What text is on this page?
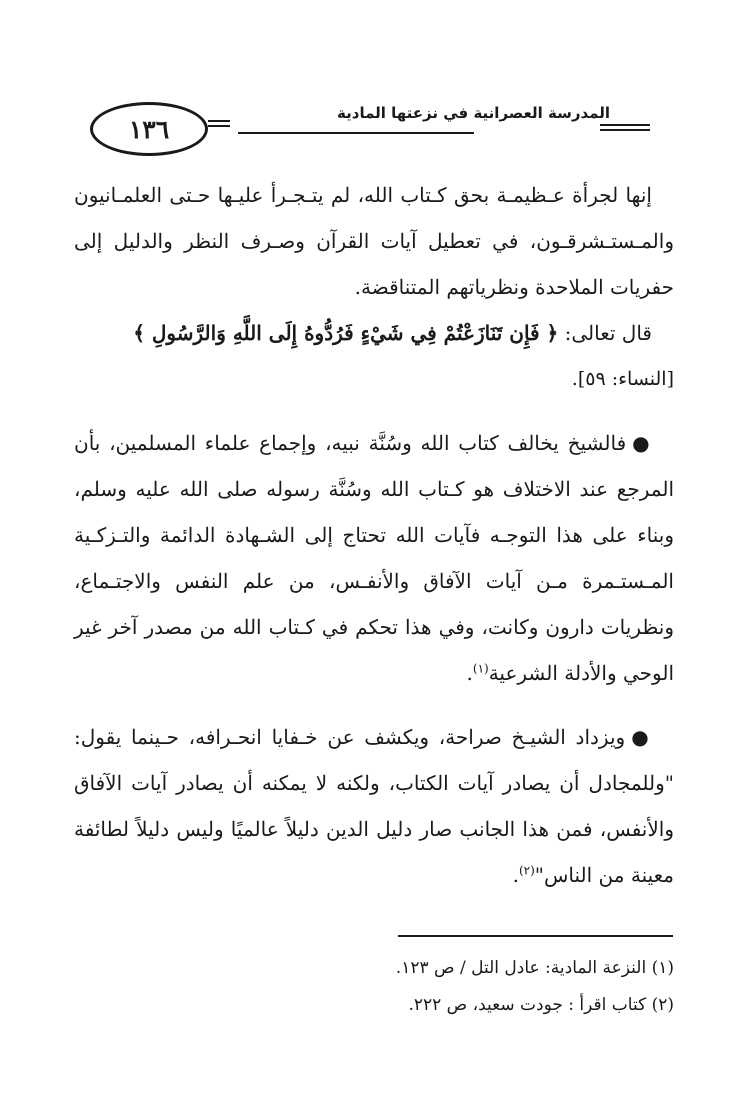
١٣٦
المدرسة العصرانية في نزعتها المادية

إنها لجرأة عـظيمـة بحق كـتاب الله، لم يتـجـرأ عليـها حـتى العلمـانيون والمـستـشرقـون، في تعطيل آيات القرآن وصـرف النظر والدليل إلى حفريات الملاحدة ونظرياتهم المتناقضة.

قال تعالى: ﴿ فَإِن تَنَازَعْتُمْ فِي شَيْءٍ فَرُدُّوهُ إِلَى اللَّهِ وَالرَّسُولِ ﴾

[النساء: ٥٩].

●فالشيخ يخالف كتاب الله وسُنَّة نبيه، وإجماع علماء المسلمين، بأن المرجع عند الاختلاف هو كـتاب الله وسُنَّة رسوله صلى الله عليه وسلم، وبناء على هذا التوجـه فآيات الله تحتاج إلى الشـهادة الدائمة والتـزكـية المـستـمرة مـن آيات الآفاق والأنفـس، من علم النفس والاجتـماع، ونظريات دارون وكانت، وفي هذا تحكم في كـتاب الله من مصدر آخر غير الوحي والأدلة الشرعية$^{(١)}$.

●ويزداد الشيـخ صراحة، ويكشف عن خـفايا انحـرافه، حـينما يقول: "وللمجادل أن يصادر آيات الكتاب، ولكنه لا يمكنه أن يصادر آيات الآفاق والأنفس، فمن هذا الجانب صار دليل الدين دليلاً عالميًا وليس دليلاً لطائفة معينة من الناس"$^{(٢)}$.

(١) النزعة المادية: عادل التل / ص ١٢٣.

(٢) كتاب اقرأ : جودت سعيد، ص ٢٢٢.
